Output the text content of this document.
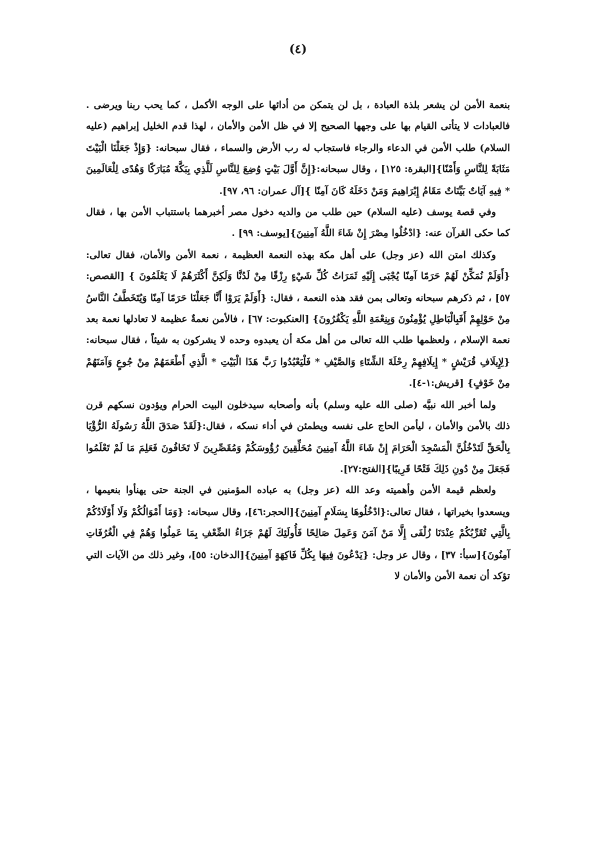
(٤)

بنعمة الأمن لن يشعر بلذة العبادة ، بل لن يتمكن من أدائها على الوجه الأكمل ، كما يحب ربنا ويرضى . فالعبادات لا يتأتى القيام بها على وجهها الصحيح إلا في ظل الأمن والأمان ، لهذا قدم الخليل إبراهيم (عليه السلام) طلب الأمن في الدعاء والرجاء فاستجاب له رب الأرض والسماء ، فقال سبحانه: {وَإِذْ جَعَلْنَا الْبَيْتَ مَثَابَةً لِلنَّاسِ وَأَمْنًا}[البقرة: ١٢٥] ، وقال سبحانه:{إِنَّ أَوَّلَ بَيْتٍ وُضِعَ لِلنَّاسِ لَلَّذِي بِبَكَّةَ مُبَارَكًا وَهُدًى لِلْعَالَمِينَ * فِيهِ آيَاتٌ بَيِّنَاتٌ مَقَامُ إِبْرَاهِيمَ وَمَنْ دَخَلَهُ كَانَ آمِنًا }[آل عمران: ٩٦، ٩٧].

وفي قصة يوسف (عليه السلام) حين طلب من والديه دخول مصر أخبرهما باستتباب الأمن بها ، فقال كما حكى القرآن عنه: {ادْخُلُوا مِصْرَ إِنْ شَاءَ اللَّهُ آمِنِينَ}[يوسف: ٩٩] .

وكذلك امتن الله (عز وجل) على أهل مكة بهذه النعمة العظيمة ، نعمة الأمن والأمان، فقال تعالى: {أَوَلَمْ نُمَكِّنْ لَهُمْ حَرَمًا آمِنًا يُجْبَى إِلَيْهِ ثَمَرَاتُ كُلِّ شَيْءٍ رِزْقًا مِنْ لَدُنَّا وَلَكِنَّ أَكْثَرَهُمْ لَا يَعْلَمُونَ } [القصص: ٥٧] ، ثم ذكرهم سبحانه وتعالى بمن فقد هذه النعمة ، فقال: {أَوَلَمْ يَرَوْا أَنَّا جَعَلْنَا حَرَمًا آمِنًا وَيُتَخَطَّفُ النَّاسُ مِنْ حَوْلِهِمْ أَفَبِالْبَاطِلِ يُؤْمِنُونَ وَبِنِعْمَةِ اللَّهِ يَكْفُرُونَ} [العنكبوت: ٦٧] ، فالأمن نعمةٌ عظيمة لا تعادلها نعمة بعد نعمة الإسلام ، ولعظمها طلب الله تعالى من أهل مكة أن يعبدوه وحده لا يشركون به شيئاً ، فقال سبحانه: {لِإِيلَافِ قُرَيْشٍ * إِيلَافِهِمْ رِحْلَةَ الشِّتَاءِ وَالصَّيْفِ * فَلْيَعْبُدُوا رَبَّ هَذَا الْبَيْتِ * الَّذِي أَطْعَمَهُمْ مِنْ جُوعٍ وَآمَنَهُمْ مِنْ خَوْفٍ} [قريش:١-٤].

ولما أخبر الله نبيَّه (صلى الله عليه وسلم) بأنه وأصحابه سيدخلون البيت الحرام ويؤدون نسكهم قرن ذلك بالأمن والأمان ، ليأمن الحاج على نفسه ويطمئن في أداء نسكه ، فقال:{لَقَدْ صَدَقَ اللَّهُ رَسُولَهُ الرُّؤْيَا بِالْحَقِّ لَتَدْخُلُنَّ الْمَسْجِدَ الْحَرَامَ إِنْ شَاءَ اللَّهُ آمِنِينَ مُحَلِّقِينَ رُؤُوسَكُمْ وَمُقَصِّرِينَ لَا تَخَافُونَ فَعَلِمَ مَا لَمْ تَعْلَمُوا فَجَعَلَ مِنْ دُونِ ذَلِكَ فَتْحًا قَرِيبًا}[الفتح:٢٧].

ولعظم قيمة الأمن وأهميته وعد الله (عز وجل) به عباده المؤمنين في الجنة حتى يهنأوا بنعيمها ، ويسعدوا بخيراتها ، فقال تعالى:{ادْخُلُوهَا بِسَلَامٍ آمِنِينَ}[الحجر:٤٦]، وقال سبحانه: {وَمَا أَمْوَالُكُمْ وَلَا أَوْلَادُكُمْ بِالَّتِي تُقَرِّبُكُمْ عِنْدَنَا زُلْفَى إِلَّا مَنْ آمَنَ وَعَمِلَ صَالِحًا فَأُولَئِكَ لَهُمْ جَزَاءُ الضِّعْفِ بِمَا عَمِلُوا وَهُمْ فِي الْغُرُفَاتِ آمِنُونَ}[سبأ: ٣٧] ، وقال عز وجل: {يَدْعُونَ فِيهَا بِكُلِّ فَاكِهَةٍ آمِنِينَ}[الدخان: ٥٥]، وغير ذلك من الآيات التي تؤكد أن نعمة الأمن والأمان لا
